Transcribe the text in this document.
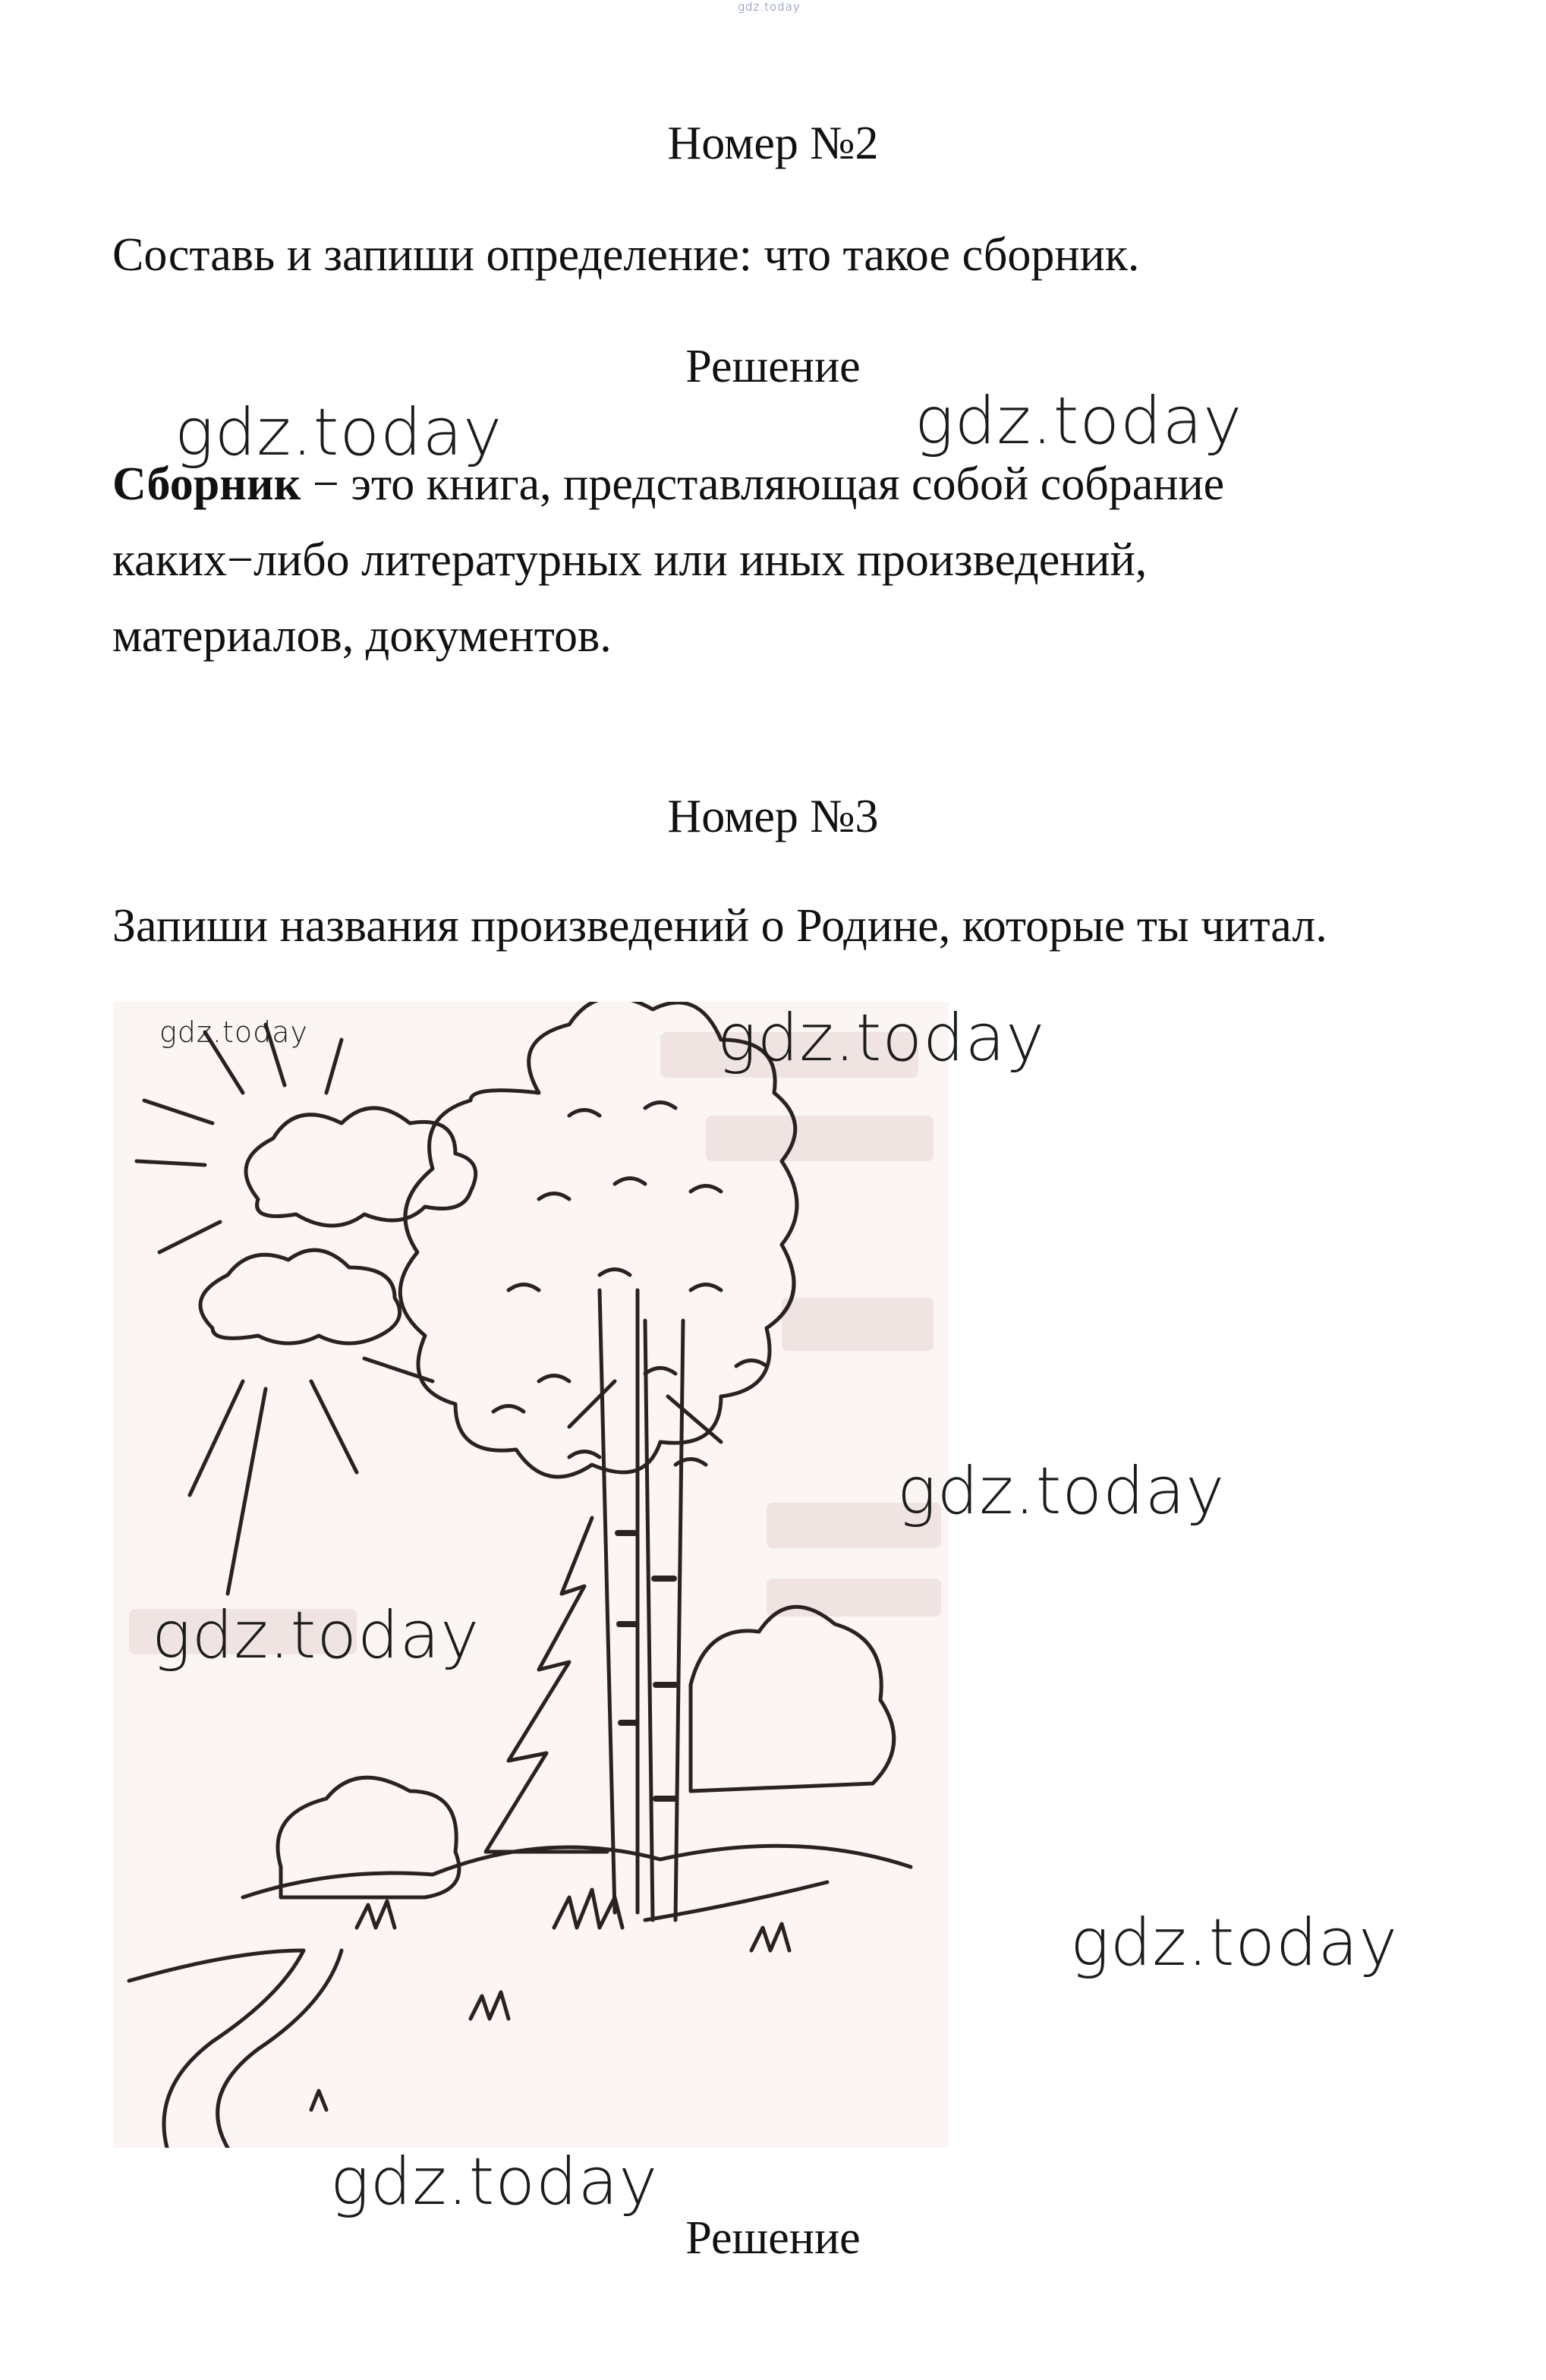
gdz.today
Номер №2
Составь и запиши определение: что такое сборник.
Решение
Сборник − это книга, представляющая собой собрание
каких−либо литературных или иных произведений,
материалов, документов.
Номер №3
Запиши названия произведений о Родине, которые ты читал.
gdz.today	gdz.today
gdz.today	gdz.today
gdz.today
gdz.today
gdz.today
gdz.today
Решение
